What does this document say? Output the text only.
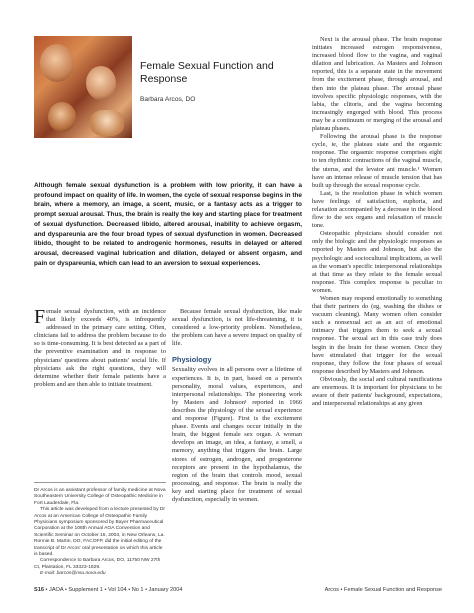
Female Sexual Function and Response
Barbara Arcos, DO
Although female sexual dysfunction is a problem with low priority, it can have a profound impact on quality of life. In women, the cycle of sexual response begins in the brain, where a memory, an image, a scent, music, or a fantasy acts as a trigger to prompt sexual arousal. Thus, the brain is really the key and starting place for treatment of sexual dysfunction. Decreased libido, altered arousal, inability to achieve orgasm, and dyspareunia are the four broad types of sexual dysfunction in women. Decreased libido, thought to be related to androgenic hormones, results in delayed or altered arousal, decreased vaginal lubrication and dilation, delayed or absent orgasm, and pain or dyspareunia, which can lead to an aversion to sexual experiences.

Female sexual dysfunction, with an incidence that likely exceeds 40%, is infrequently addressed in the primary care setting. Often, clinicians fail to address the problem because to do so is time-consuming. It is best detected as a part of the preventive examination and in response to physicians' questions about patients' social life. If physicians ask the right questions, they will determine whether their female patients have a problem and are then able to initiate treatment.

Because female sexual dysfunction, like male sexual dysfunction, is not life-threatening, it is considered a low-priority problem. Nonetheless, the problem can have a severe impact on quality of life.

Physiology

Sexuality evolves in all persons over a lifetime of experiences. It is, in part, based on a person's personality, moral values, experiences, and interpersonal relationships. The pioneering work by Masters and Johnson¹ reported in 1966 describes the physiology of the sexual experience and response (Figure). First is the excitement phase. Events and changes occur initially in the brain, the biggest female sex organ. A woman develops an image, an idea, a fantasy, a smell, a memory, anything that triggers the brain. Large stores of estrogen, androgen, and progesterone receptors are present in the hypothalamus, the region of the brain that controls mood, sexual processing, and response. The brain is really the key and starting place for treatment of sexual dysfunction, especially in women.

Next is the arousal phase. The brain response initiates increased estrogen responsiveness, increased blood flow to the vagina, and vaginal dilation and lubrication. As Masters and Johnson reported, this is a separate state in the movement from the excitement phase, through arousal, and then into the plateau phase. The arousal phase involves specific physiologic responses, with the labia, the clitoris, and the vagina becoming increasingly engorged with blood. This process may be a continuum or merging of the arousal and plateau phases.

Following the arousal phase is the response cycle, ie, the plateau state and the orgasmic response. The orgasmic response comprises eight to ten rhythmic contractions of the vaginal muscle, the uterus, and the levator ani muscle.¹ Women have an intense release of muscle tension that has built up through the sexual response cycle.

Last, is the resolution phase in which women have feelings of satisfaction, euphoria, and relaxation accompanied by a decrease in the blood flow to the sex organs and relaxation of muscle tone.

Osteopathic physicians should consider not only the biologic and the physiologic responses as reported by Masters and Johnson, but also the psychologic and sociocultural implications, as well as the woman's specific interpersonal relationships at that time as they relate to the female sexual response. This complex response is peculiar to women.

Women may respond emotionally to something that their partners do (eg, washing the dishes or vacuum cleaning). Many women often consider such a nonsexual act as an act of emotional intimacy that triggers them to seek a sexual response. The sexual act in this case truly does begin in the brain for these women. Once they have stimulated that trigger for the sexual response, they follow the four phases of sexual response described by Masters and Johnson.

Obviously, the social and cultural ramifications are enormous. It is important for physicians to be aware of their patients' background, expectations, and interpersonal relationships at any given

Dr Arcos is an assistant professor of family medicine at Nova Southeastern University College of Osteopathic Medicine in Fort Lauderdale, Fla.

This article was developed from a lecture presented by Dr Arcos at an American College of Osteopathic Family Physicians symposium sponsored by Bayer Pharmaceutical Corporation at the 108th Annual AOA Convention and Scientific Seminar on October 15, 2003, in New Orleans, La. Ronnie B. Martin, DO, FACOFP, did the initial editing of the transcript of Dr Arcos' oral presentation on which this article is based.

Correspondence to Barbara Arcos, DO, 11750 NW 27th Ct, Plantation, FL 33323-1829.

E-mail: barcos@nsu.nova.edu

S16 • JAOA • Supplement 1 • Vol 104 • No 1 • January 2004	Arcos • Female Sexual Function and Response
